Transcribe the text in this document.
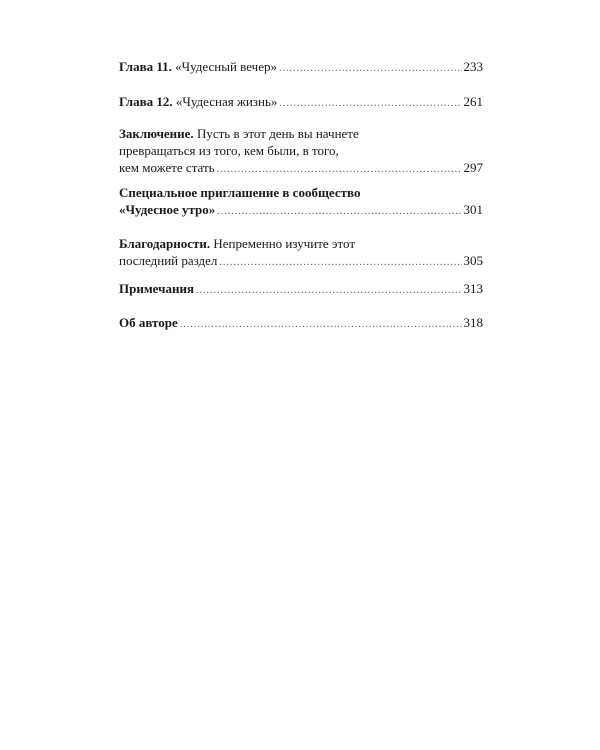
Глава 11.
«Чудесный вечер» .....	233
Глава 12.
«Чудесная жизнь» .....	261
Заключение.
Пусть в этот день вы начнете
превращаться из того, кем были, в того,
кем можете стать .....	297
Специальное приглашение в сообщество
«Чудесное утро» .....	301
Благодарности.
Непременно изучите этот
последний раздел .....	305
Примечания .....	313
Об авторе .....	318
